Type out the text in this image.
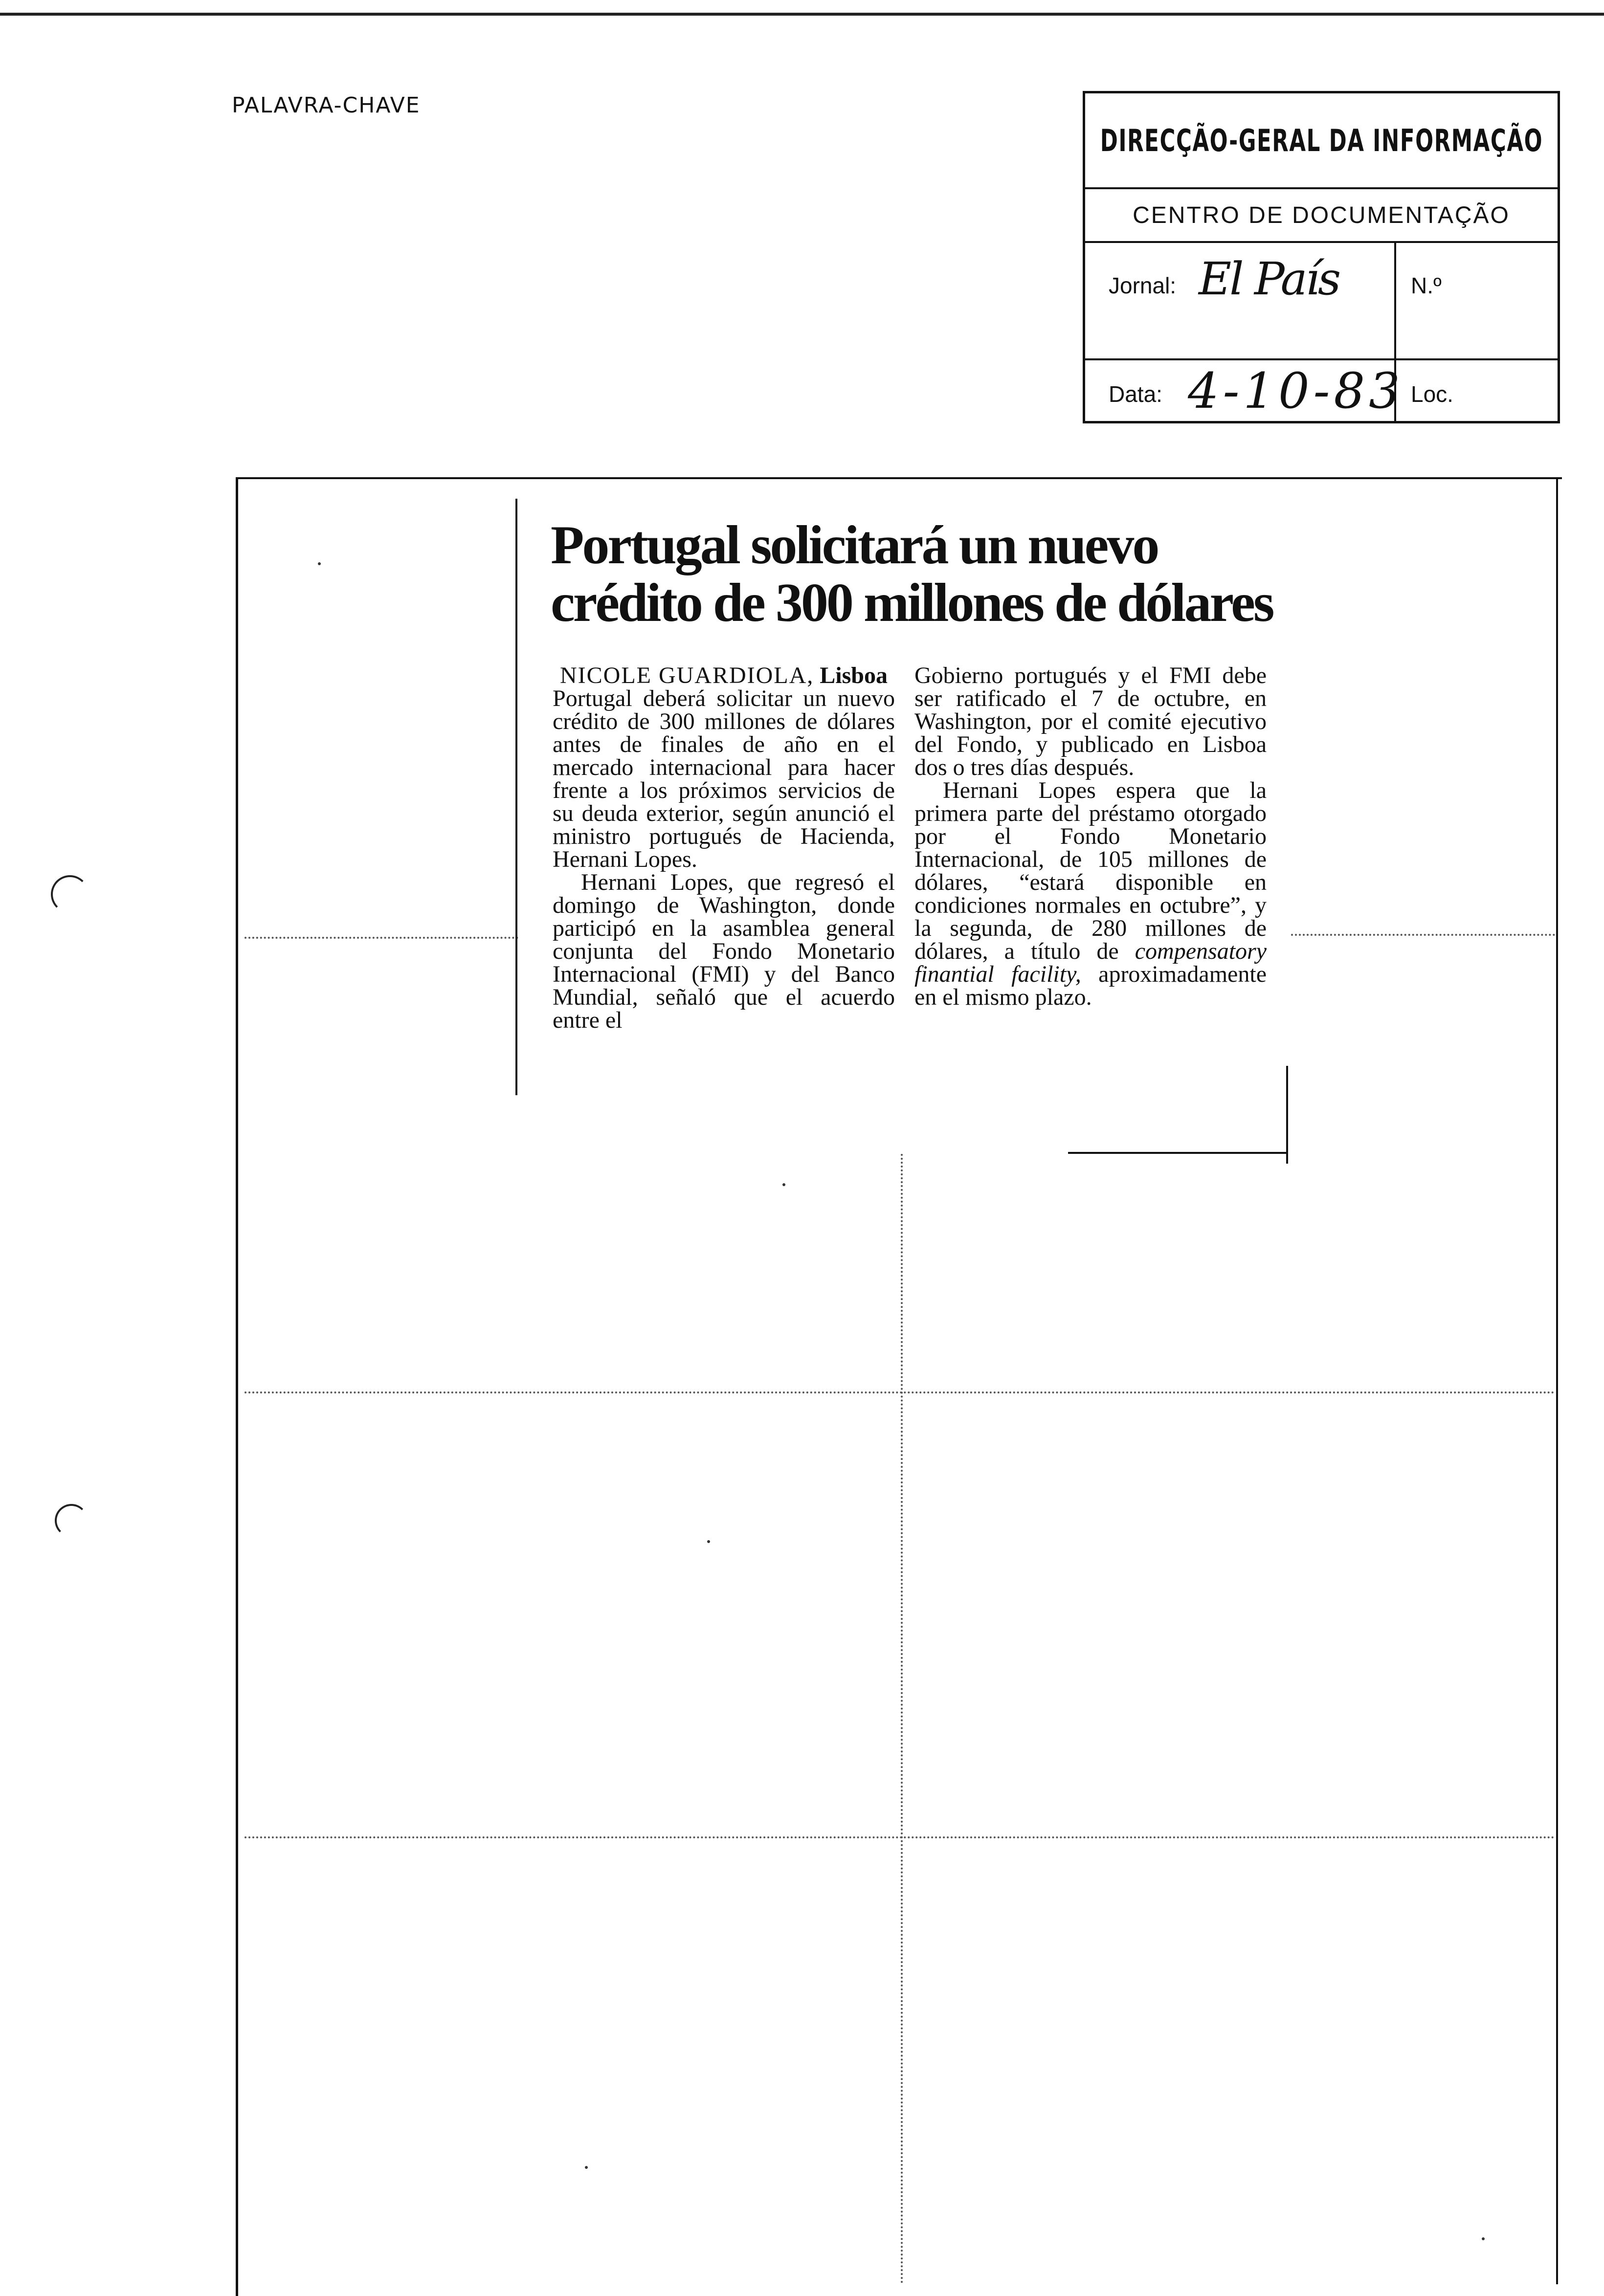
PALAVRA-CHAVE
DIRECÇÃO-GERAL DA INFORMAÇÃO
CENTRO DE DOCUMENTAÇÃO
Jornal: El País	N.º
Data: 4-10-83 Loc.
Portugal solicitará un nuevo crédito de 300 millones de dólares

NICOLE GUARDIOLA, Lisboa

Portugal deberá solicitar un nuevo crédito de 300 millones de dólares antes de finales de año en el mercado internacional para hacer frente a los próximos servicios de su deuda exterior, según anunció el ministro portugués de Hacienda, Hernani Lopes.

Hernani Lopes, que regresó el domingo de Washington, donde participó en la asamblea general conjunta del Fondo Monetario Internacional (FMI) y del Banco Mundial, señaló que el acuerdo entre el

Gobierno portugués y el FMI debe ser ratificado el 7 de octubre, en Washington, por el comité ejecutivo del Fondo, y publicado en Lisboa dos o tres días después.

Hernani Lopes espera que la primera parte del préstamo otorgado por el Fondo Monetario Internacional, de 105 millones de dólares, “estará disponible en condiciones normales en octubre”, y la segunda, de 280 millones de dólares, a título de compensatory finantial facility, aproximadamente en el mismo plazo.
